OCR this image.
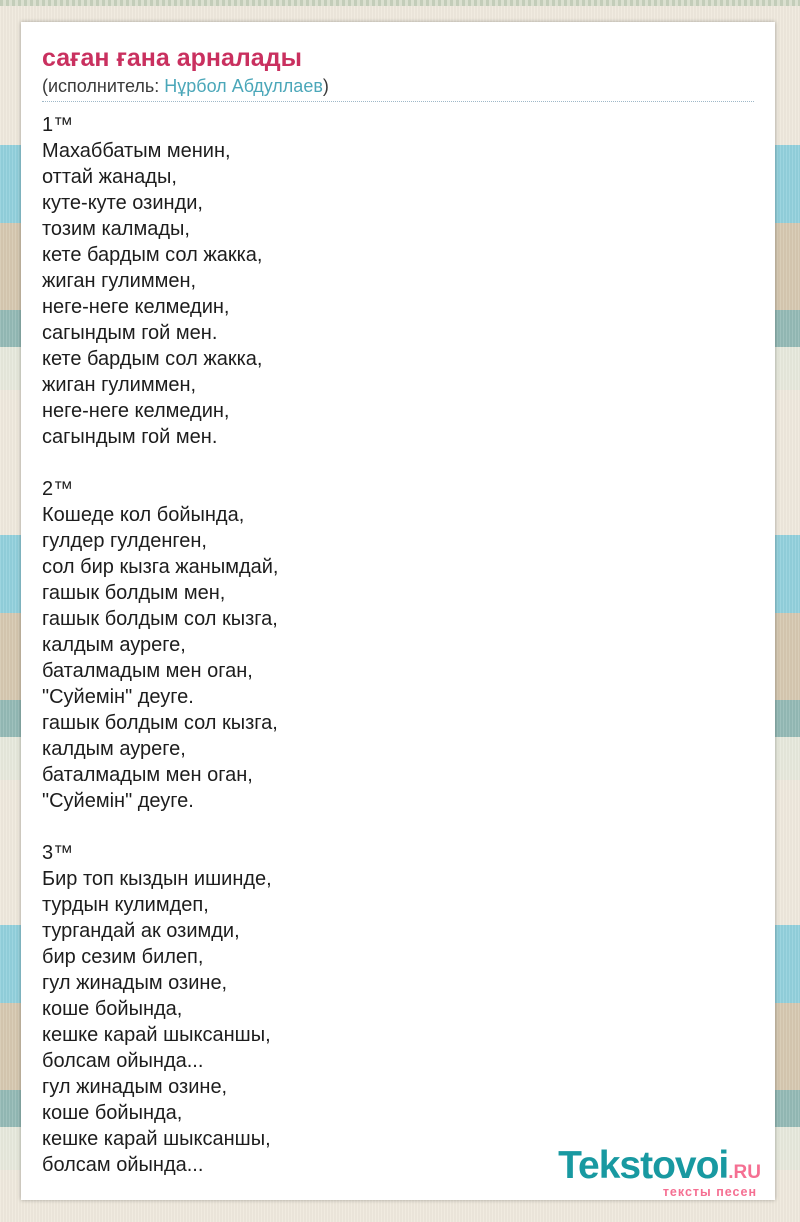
саған ғана арналады
(исполнитель: Нұрбол Абдуллаев)
1™
Махаббатым менин,
оттай жанады,
куте-куте озинди,
тозим калмады,
кете бардым сол жакка,
жиган гулиммен,
неге-неге келмедин,
сагындым гой мен.
кете бардым сол жакка,
жиган гулиммен,
неге-неге келмедин,
сагындым гой мен.
2™
Кошеде кол бойында,
гулдер гулденген,
сол бир кызга жанымдай,
гашык болдым мен,
гашык болдым сол кызга,
калдым ауреге,
баталмадым мен оган,
"Суйемін" деуге.
гашык болдым сол кызга,
калдым ауреге,
баталмадым мен оган,
"Суйемін" деуге.
3™
Бир топ кыздын ишинде,
турдын кулимдеп,
тургандай ак озимди,
бир сезим билеп,
гул жинадым озине,
коше бойында,
кешке карай шыксаншы,
болсам ойында...
гул жинадым озине,
коше бойында,
кешке карай шыксаншы,
болсам ойында...	Tekstovoi.RU
тексты песен
